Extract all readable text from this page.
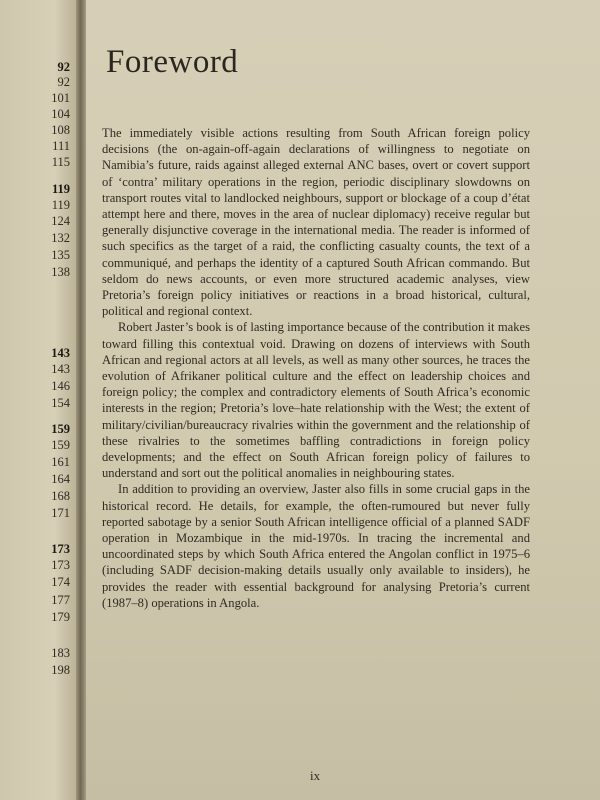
92
92
101
104
108
111
115
119
119
124
132
135
138
143
143
146
154
159
159
161
164
168
171
173
173
174
177
179
183
198
Foreword

The immediately visible actions resulting from South African foreign policy decisions (the on-again-off-again declarations of willingness to negotiate on Namibia’s future, raids against alleged external ANC bases, overt or covert support of ‘contra’ military operations in the region, periodic disciplinary slowdowns on transport routes vital to landlocked neighbours, support or blockage of a coup d’état attempt here and there, moves in the area of nuclear diplomacy) receive regular but generally disjunctive coverage in the international media. The reader is informed of such specifics as the target of a raid, the conflicting casualty counts, the text of a communiqué, and perhaps the identity of a captured South African commando. But seldom do news accounts, or even more structured academic analyses, view Pretoria’s foreign policy initiatives or reactions in a broad historical, cultural, political and regional context.

Robert Jaster’s book is of lasting importance because of the contribution it makes toward filling this contextual void. Drawing on dozens of interviews with South African and regional actors at all levels, as well as many other sources, he traces the evolution of Afrikaner political culture and the effect on leadership choices and foreign policy; the complex and contradictory elements of South Africa’s economic interests in the region; Pretoria’s love–hate relationship with the West; the extent of military/civilian/bureaucracy rivalries within the government and the relationship of these rivalries to the sometimes baffling contradictions in foreign policy developments; and the effect on South African foreign policy of failures to understand and sort out the political anomalies in neighbouring states.

In addition to providing an overview, Jaster also fills in some crucial gaps in the historical record. He details, for example, the often-rumoured but never fully reported sabotage by a senior South African intelligence official of a planned SADF operation in Mozambique in the mid-1970s. In tracing the incremental and uncoordinated steps by which South Africa entered the Angolan conflict in 1975–6 (including SADF decision-making details usually only available to insiders), he provides the reader with essential background for analysing Pretoria’s current (1987–8) operations in Angola.

ix
